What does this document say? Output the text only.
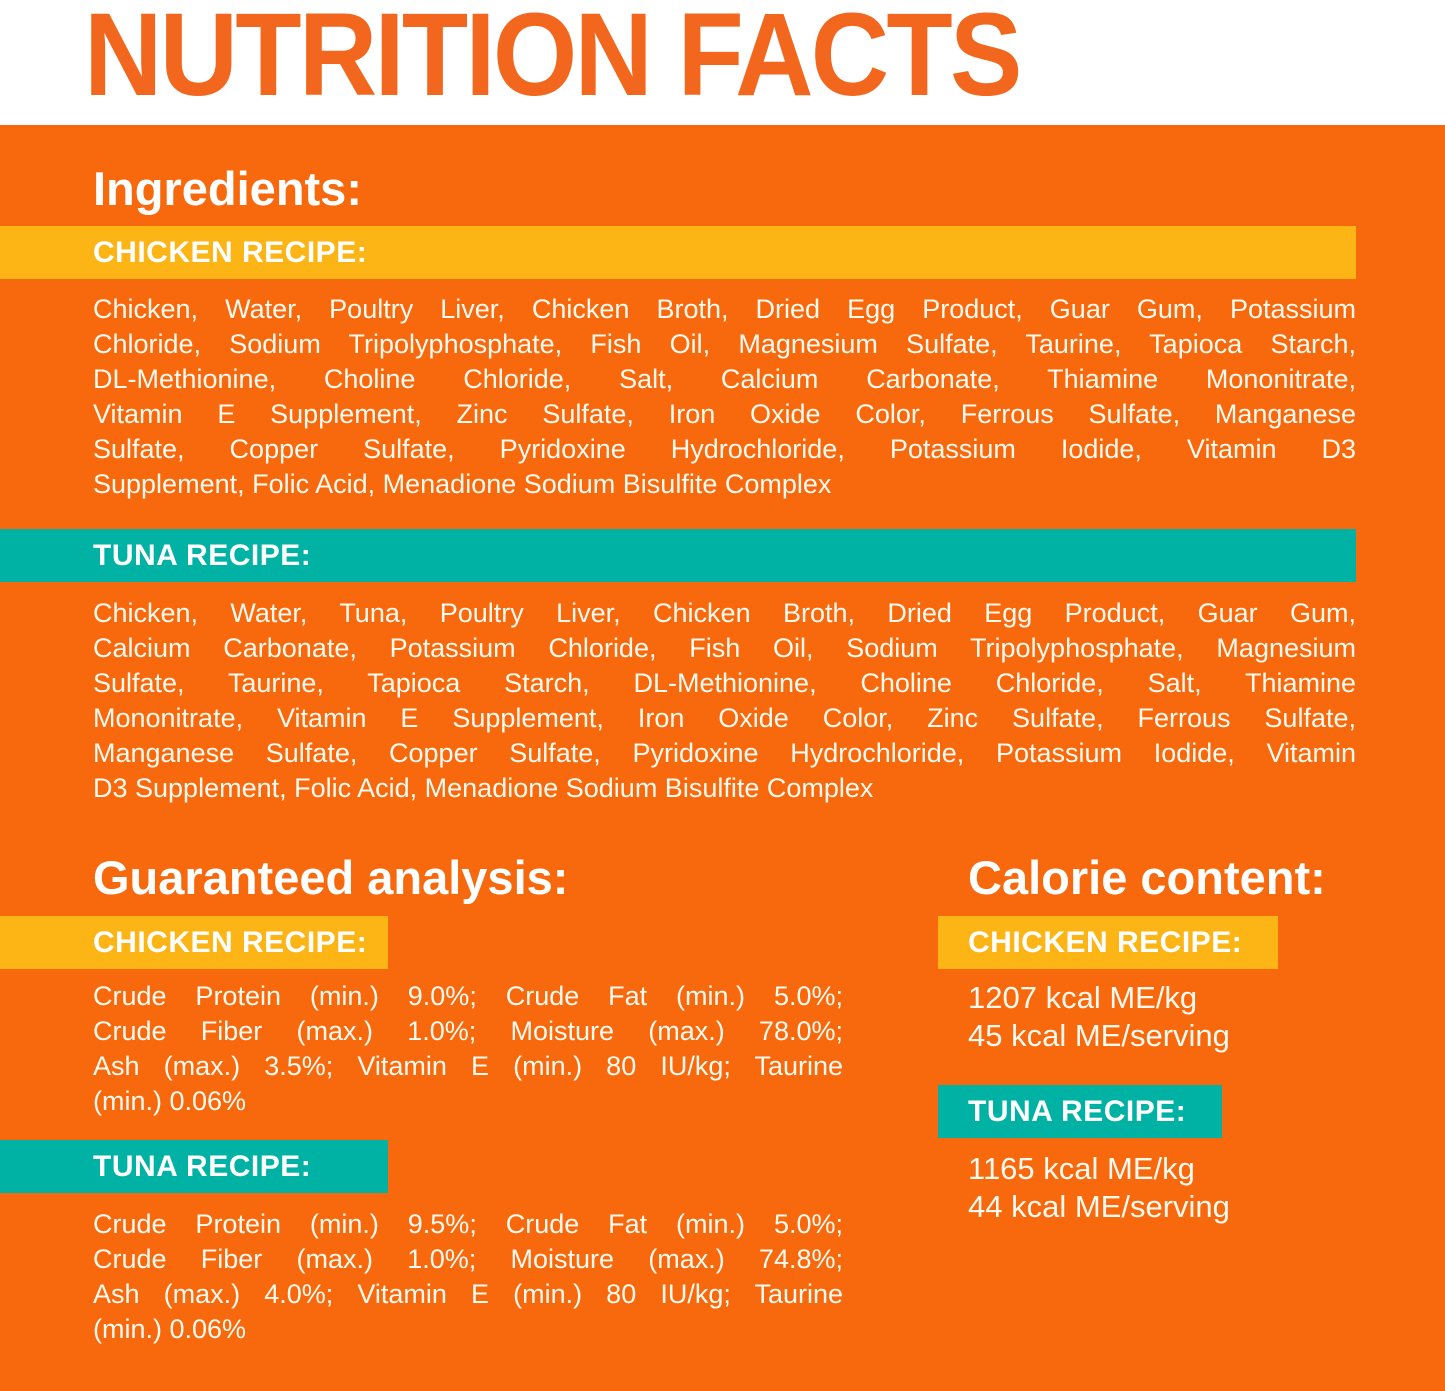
NUTRITION FACTS
Ingredients:
CHICKEN RECIPE:
Chicken, Water, Poultry Liver, Chicken Broth, Dried Egg Product, Guar Gum, Potassium
Chloride, Sodium Tripolyphosphate, Fish Oil, Magnesium Sulfate, Taurine, Tapioca Starch,
DL-Methionine, Choline Chloride, Salt, Calcium Carbonate, Thiamine Mononitrate,
Vitamin E Supplement, Zinc Sulfate, Iron Oxide Color, Ferrous Sulfate, Manganese
Sulfate, Copper Sulfate, Pyridoxine Hydrochloride, Potassium Iodide, Vitamin D3
Supplement, Folic Acid, Menadione Sodium Bisulfite Complex
TUNA RECIPE:
Chicken, Water, Tuna, Poultry Liver, Chicken Broth, Dried Egg Product, Guar Gum,
Calcium Carbonate, Potassium Chloride, Fish Oil, Sodium Tripolyphosphate, Magnesium
Sulfate, Taurine, Tapioca Starch, DL-Methionine, Choline Chloride, Salt, Thiamine
Mononitrate, Vitamin E Supplement, Iron Oxide Color, Zinc Sulfate, Ferrous Sulfate,
Manganese Sulfate, Copper Sulfate, Pyridoxine Hydrochloride, Potassium Iodide, Vitamin
D3 Supplement, Folic Acid, Menadione Sodium Bisulfite Complex
Guaranteed analysis:
CHICKEN RECIPE:
Crude Protein (min.) 9.0%; Crude Fat (min.) 5.0%;
Crude Fiber (max.) 1.0%; Moisture (max.) 78.0%;
Ash (max.) 3.5%; Vitamin E (min.) 80 IU/kg; Taurine
(min.) 0.06%
TUNA RECIPE:
Crude Protein (min.) 9.5%; Crude Fat (min.) 5.0%;
Crude Fiber (max.) 1.0%; Moisture (max.) 74.8%;
Ash (max.) 4.0%; Vitamin E (min.) 80 IU/kg; Taurine
(min.) 0.06%
Calorie content:
CHICKEN RECIPE:
1207 kcal ME/kg
45 kcal ME/serving
TUNA RECIPE:
1165 kcal ME/kg
44 kcal ME/serving
